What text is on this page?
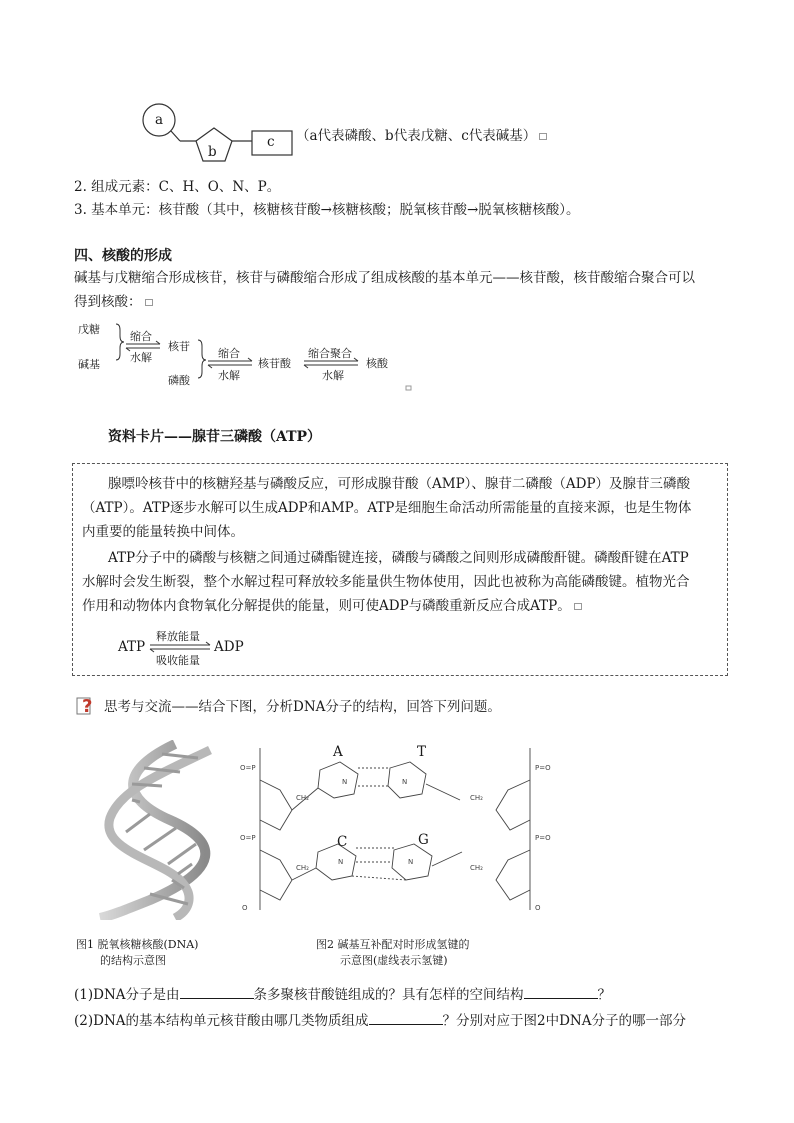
a
b
c （a代表磷酸、b代表戊糖、c代表碱基）
2. 组成元素：C、H、O、N、P。
3. 基本单元：核苷酸（其中，核糖核苷酸→核糖核酸；脱氧核苷酸→脱氧核糖核酸）。
四、核酸的形成
碱基与戊糖缩合形成核苷，核苷与磷酸缩合形成了组成核酸的基本单元——核苷酸，核苷酸缩合聚合可以
得到核酸：
戊糖
碱基
缩合
水解
核苷
磷酸
缩合
水解
核苷酸
缩合聚合
水解
核酸
资料卡片——腺苷三磷酸（ATP）
腺嘌呤核苷中的核糖羟基与磷酸反应，可形成腺苷酸（AMP）、腺苷二磷酸（ADP）及腺苷三磷酸
（ATP）。ATP逐步水解可以生成ADP和AMP。ATP是细胞生命活动所需能量的直接来源，也是生物体
内重要的能量转换中间体。
ATP分子中的磷酸与核糖之间通过磷酯键连接，磷酸与磷酸之间则形成磷酸酐键。磷酸酐键在ATP
水解时会发生断裂，整个水解过程可释放较多能量供生物体使用，因此也被称为高能磷酸键。植物光合
作用和动物体内食物氧化分解提供的能量，则可使ADP与磷酸重新反应合成ATP。
ATP
释放能量
吸收能量
ADP
? 思考与交流——结合下图，分析DNA分子的结构，回答下列问题。
O=P
O=P
O
P=O
P=O
O
CH₂
CH₂
CH₂
CH₂
N	N
N	N
A	T
C	G
图1 脱氧核糖核酸(DNA)
的结构示意图
图2 碱基互补配对时形成氢键的
示意图(虚线表示氢键)
(1)DNA分子是由	条多聚核苷酸链组成的？具有怎样的空间结构	？
(2)DNA的基本结构单元核苷酸由哪几类物质组成	？分别对应于图2中DNA分子的哪一部分
